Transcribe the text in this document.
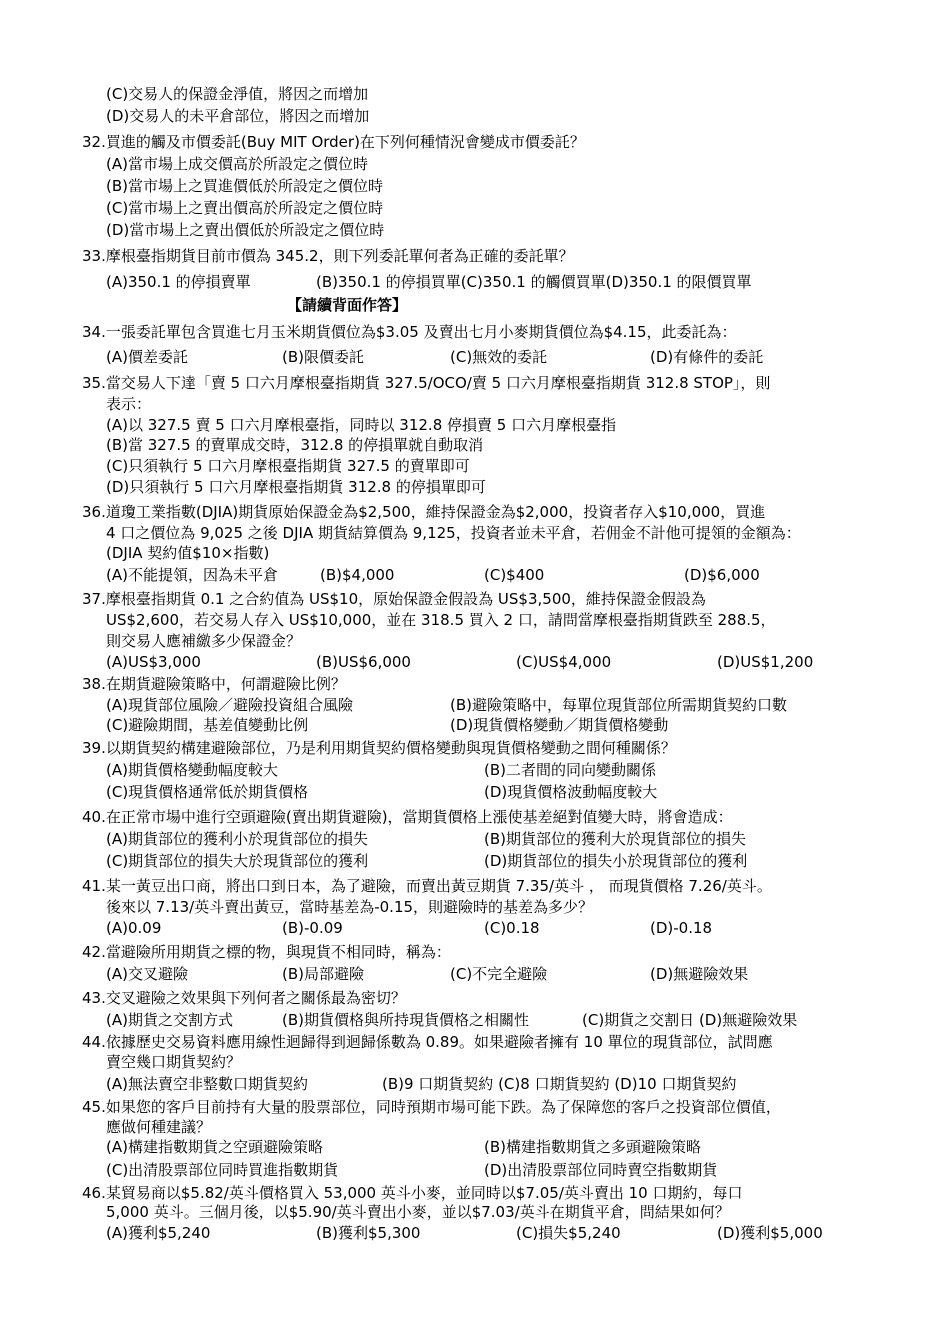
(C)交易人的保證金淨值，將因之而增加
(D)交易人的未平倉部位，將因之而增加
32.買進的觸及市價委託(Buy MIT Order)在下列何種情況會變成市價委託？
(A)當市場上成交價高於所設定之價位時
(B)當市場上之買進價低於所設定之價位時
(C)當市場上之賣出價高於所設定之價位時
(D)當市場上之賣出價低於所設定之價位時
33.摩根臺指期貨目前市價為 345.2，則下列委託單何者為正確的委託單？
(A)350.1 的停損賣單	(B)350.1 的停損買單(C)350.1 的觸價買單(D)350.1 的限價買單
【請續背面作答】
34.一張委託單包含買進七月玉米期貨價位為$3.05 及賣出七月小麥期貨價位為$4.15，此委託為：
(A)價差委託	(B)限價委託	(C)無效的委託	(D)有條件的委託
35.當交易人下達「賣 5 口六月摩根臺指期貨 327.5/OCO/賣 5 口六月摩根臺指期貨 312.8 STOP」，則
表示：
(A)以 327.5 賣 5 口六月摩根臺指，同時以 312.8 停損賣 5 口六月摩根臺指
(B)當 327.5 的賣單成交時，312.8 的停損單就自動取消
(C)只須執行 5 口六月摩根臺指期貨 327.5 的賣單即可
(D)只須執行 5 口六月摩根臺指期貨 312.8 的停損單即可
36.道瓊工業指數(DJIA)期貨原始保證金為$2,500，維持保證金為$2,000，投資者存入$10,000，買進
4 口之價位為 9,025 之後 DJIA 期貨結算價為 9,125，投資者並未平倉，若佣金不計他可提領的金額為：
(DJIA 契約值$10×指數)
(A)不能提領，因為未平倉	(B)$4,000	(C)$400	(D)$6,000
37.摩根臺指期貨 0.1 之合約值為 US$10，原始保證金假設為 US$3,500，維持保證金假設為
US$2,600，若交易人存入 US$10,000，並在 318.5 買入 2 口，請問當摩根臺指期貨跌至 288.5，
則交易人應補繳多少保證金？
(A)US$3,000	(B)US$6,000	(C)US$4,000	(D)US$1,200
38.在期貨避險策略中，何謂避險比例？
(A)現貨部位風險／避險投資組合風險	(B)避險策略中，每單位現貨部位所需期貨契約口數
(C)避險期間，基差值變動比例	(D)現貨價格變動／期貨價格變動
39.以期貨契約構建避險部位，乃是利用期貨契約價格變動與現貨價格變動之間何種關係？
(A)期貨價格變動幅度較大	(B)二者間的同向變動關係
(C)現貨價格通常低於期貨價格	(D)現貨價格波動幅度較大
40.在正常市場中進行空頭避險(賣出期貨避險)，當期貨價格上漲使基差絕對值變大時，將會造成：
(A)期貨部位的獲利小於現貨部位的損失	(B)期貨部位的獲利大於現貨部位的損失
(C)期貨部位的損失大於現貨部位的獲利	(D)期貨部位的損失小於現貨部位的獲利
41.某一黃豆出口商，將出口到日本，為了避險，而賣出黃豆期貨 7.35/英斗 ， 而現貨價格 7.26/英斗。
後來以 7.13/英斗賣出黃豆，當時基差為-0.15，則避險時的基差為多少？
(A)0.09	(B)-0.09	(C)0.18	(D)-0.18
42.當避險所用期貨之標的物，與現貨不相同時，稱為：
(A)交叉避險	(B)局部避險	(C)不完全避險	(D)無避險效果
43.交叉避險之效果與下列何者之關係最為密切？
(A)期貨之交割方式	(B)期貨價格與所持現貨價格之相關性	(C)期貨之交割日 (D)無避險效果
44.依據歷史交易資料應用線性迴歸得到迴歸係數為 0.89。如果避險者擁有 10 單位的現貨部位，試問應
賣空幾口期貨契約？
(A)無法賣空非整數口期貨契約	(B)9 口期貨契約 (C)8 口期貨契約 (D)10 口期貨契約
45.如果您的客戶目前持有大量的股票部位，同時預期市場可能下跌。為了保障您的客戶之投資部位價值，
應做何種建議？
(A)構建指數期貨之空頭避險策略	(B)構建指數期貨之多頭避險策略
(C)出清股票部位同時買進指數期貨	(D)出清股票部位同時賣空指數期貨
46.某貿易商以$5.82/英斗價格買入 53,000 英斗小麥，並同時以$7.05/英斗賣出 10 口期約，每口
5,000 英斗。三個月後，以$5.90/英斗賣出小麥，並以$7.03/英斗在期貨平倉，問結果如何？
(A)獲利$5,240	(B)獲利$5,300	(C)損失$5,240	(D)獲利$5,000
